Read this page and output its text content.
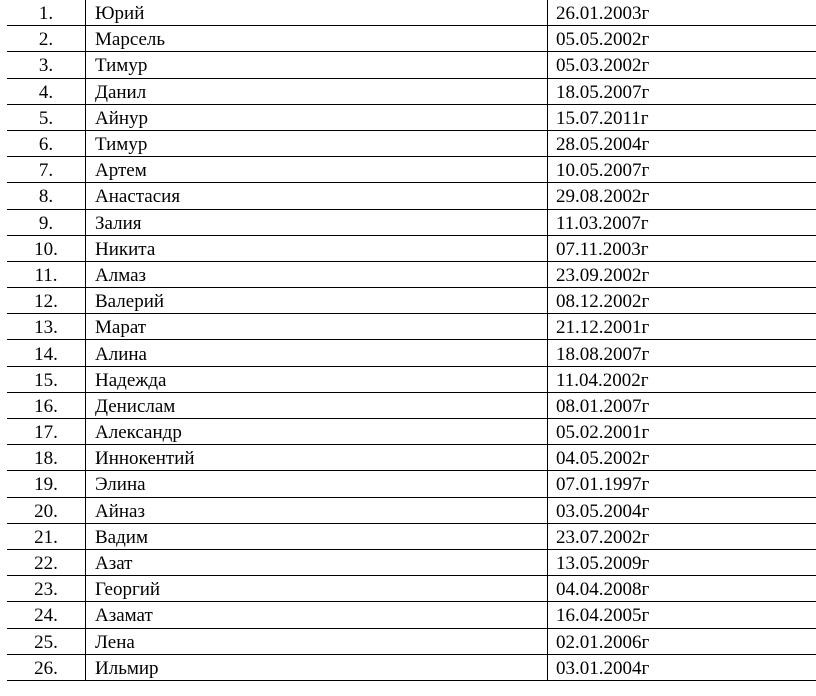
1.	Юрий	26.01.2003г
2.	Марсель	05.05.2002г
3.	Тимур	05.03.2002г
4.	Данил	18.05.2007г
5.	Айнур	15.07.2011г
6.	Тимур	28.05.2004г
7.	Артем	10.05.2007г
8.	Анастасия	29.08.2002г
9.	Залия	11.03.2007г
10.	Никита	07.11.2003г
11.	Алмаз	23.09.2002г
12.	Валерий	08.12.2002г
13.	Марат	21.12.2001г
14.	Алина	18.08.2007г
15.	Надежда	11.04.2002г
16.	Денислам	08.01.2007г
17.	Александр	05.02.2001г
18.	Иннокентий	04.05.2002г
19.	Элина	07.01.1997г
20.	Айназ	03.05.2004г
21.	Вадим	23.07.2002г
22.	Азат	13.05.2009г
23.	Георгий	04.04.2008г
24.	Азамат	16.04.2005г
25.	Лена	02.01.2006г
26.	Ильмир	03.01.2004г
